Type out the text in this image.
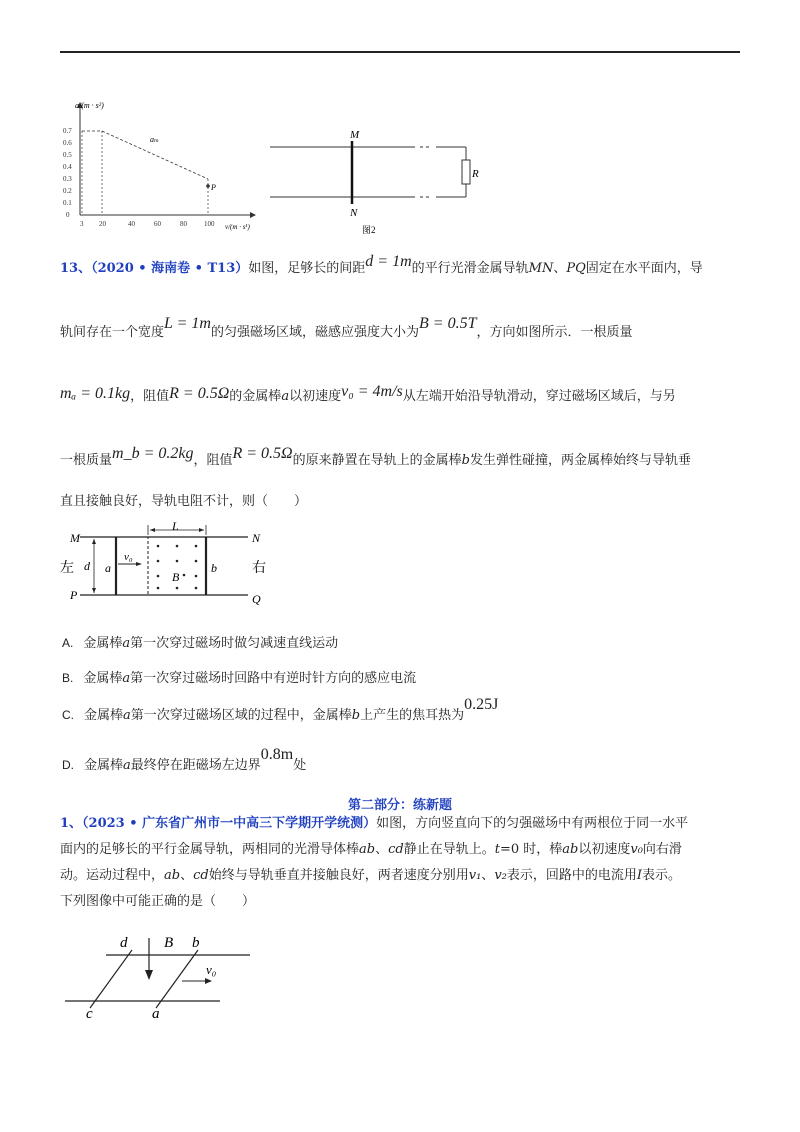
a/(m · s²)
0.7
0.6
0.5
0.4
0.3
0.2
0.1
0
aₘ
P
3 20	40	60	80 100 v/(m · s¹)
M
N
R
图2
13、（2020 • 海南卷 • T13）如图，足够长的间距d = 1m的平行光滑金属导轨MN、PQ固定在水平面内，导
轨间存在一个宽度L = 1m的匀强磁场区域，磁感应强度大小为B = 0.5T，方向如图所示．一根质量
mₐ = 0.1kg，阻值R = 0.5Ω的金属棒a以初速度v₀ = 4m/s从左端开始沿导轨滑动，穿过磁场区域后，与另
一根质量m_b = 0.2kg，阻值R = 0.5Ω的原来静置在导轨上的金属棒b发生弹性碰撞，两金属棒始终与导轨垂
直且接触良好，导轨电阻不计，则（　　）
L
d
v₀
a	b
B
M	N
P	Q
左	右
A. 金属棒a第一次穿过磁场时做匀减速直线运动
B. 金属棒a第一次穿过磁场时回路中有逆时针方向的感应电流
C. 金属棒a第一次穿过磁场区域的过程中，金属棒b上产生的焦耳热为0.25J
D. 金属棒a最终停在距磁场左边界0.8m处
第二部分：练新题
1、（2023 • 广东省广州市一中高三下学期开学统测）如图，方向竖直向下的匀强磁场中有两根位于同一水平
面内的足够长的平行金属导轨，两相同的光滑导体棒ab、cd静止在导轨上。t=0 时，棒ab以初速度v₀向右滑
动。运动过程中，ab、cd始终与导轨垂直并接触良好，两者速度分别用v₁、v₂表示，回路中的电流用I表示。
下列图像中可能正确的是（　　）
d B b
v₀
c	a
